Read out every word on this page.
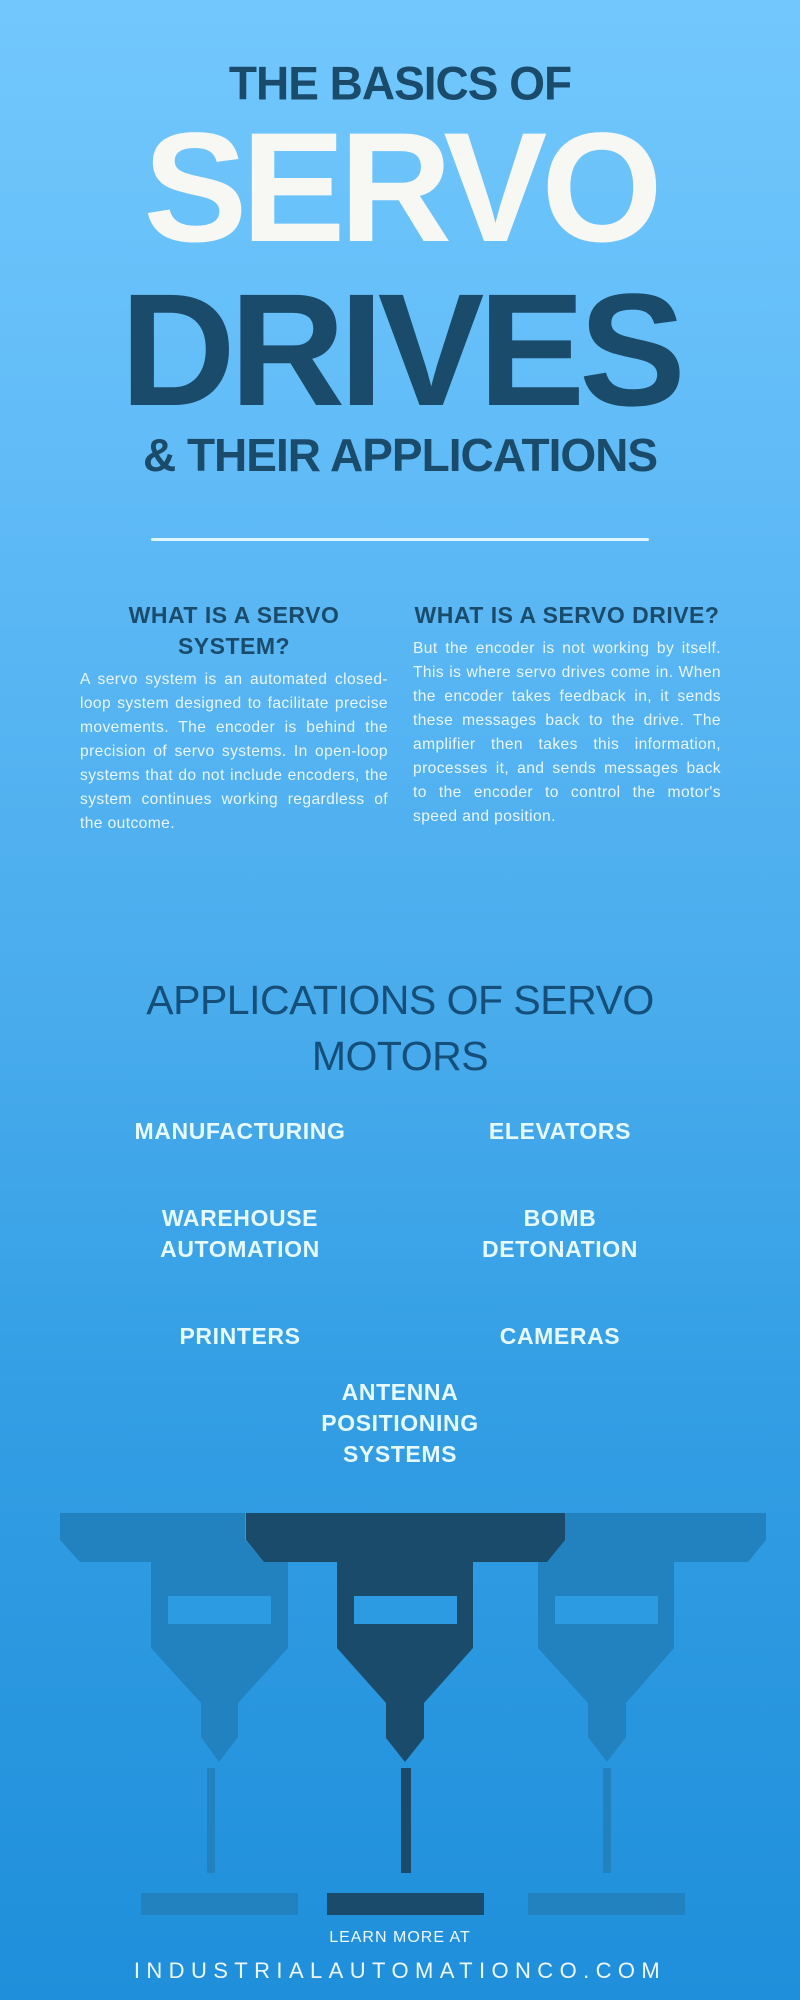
THE BASICS OF
SERVO
DRIVES
& THEIR APPLICATIONS
WHAT IS A SERVO SYSTEM?

A servo system is an automated closed-loop system designed to facilitate precise movements. The encoder is behind the precision of servo systems. In open-loop systems that do not include encoders, the system continues working regardless of the outcome.

WHAT IS A SERVO DRIVE?

But the encoder is not working by itself. This is where servo drives come in. When the encoder takes feedback in, it sends these messages back to the drive. The amplifier then takes this information, processes it, and sends messages back to the encoder to control the motor's speed and position.

APPLICATIONS OF SERVO MOTORS
MANUFACTURING	ELEVATORS
WAREHOUSE AUTOMATION
BOMB DETONATION
PRINTERS	CAMERAS
ANTENNA POSITIONING SYSTEMS
LEARN MORE AT
INDUSTRIALAUTOMATIONCO.COM
